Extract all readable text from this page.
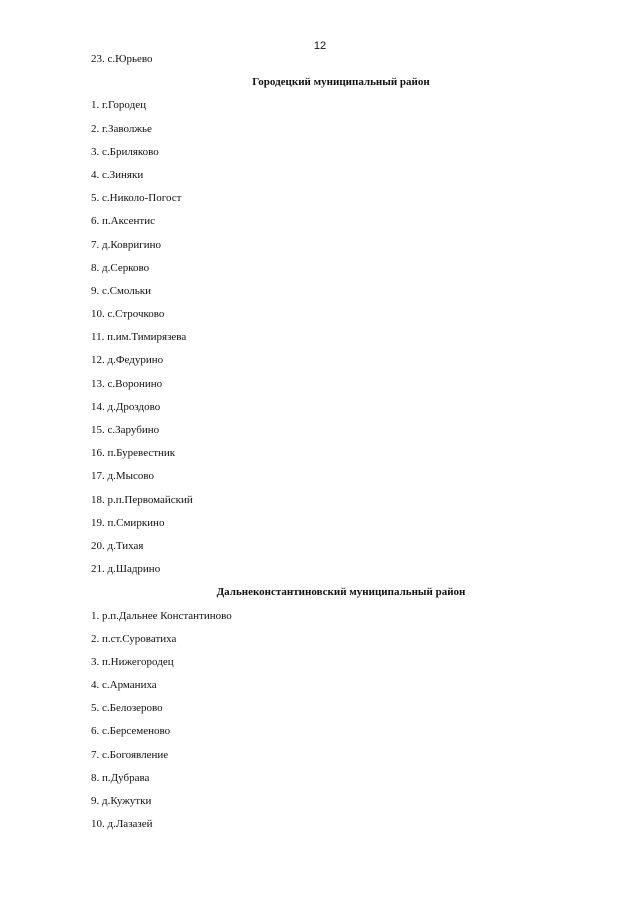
12
23. с.Юрьево
Городецкий муниципальный район
1. г.Городец
2. г.Заволжье
3. с.Бриляково
4. с.Зиняки
5. с.Николо-Погост
6. п.Аксентис
7. д.Ковригино
8. д.Серково
9. с.Смольки
10. с.Строчково
11. п.им.Тимирязева
12. д.Федурино
13. с.Воронино
14. д.Дроздово
15. с.Зарубино
16. п.Буревестник
17. д.Мысово
18. р.п.Первомайский
19. п.Смиркино
20. д.Тихая
21. д.Шадрино
Дальнеконстантиновский муниципальный район
1. р.п.Дальнее Константиново
2. п.ст.Суроватиха
3. п.Нижегородец
4. с.Арманиха
5. с.Белозерово
6. с.Берсеменово
7. с.Богоявление
8. п.Дубрава
9. д.Кужутки
10. д.Лазазей
